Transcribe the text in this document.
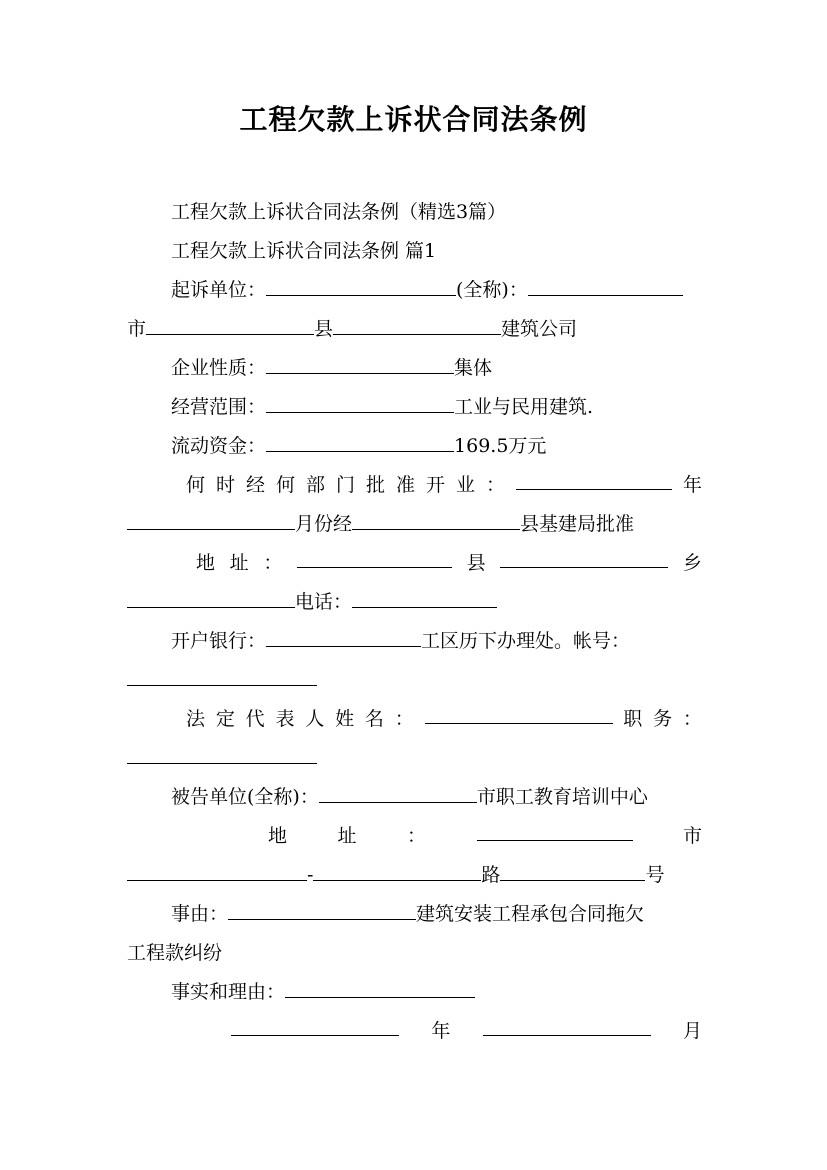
工程欠款上诉状合同法条例
工程欠款上诉状合同法条例（精选3篇）
工程欠款上诉状合同法条例 篇1
起诉单位：	(全称)：
市	县	建筑公司
企业性质：	集体
经营范围：	工业与民用建筑.
流动资金：	169.5万元
何 时 经 何 部 门 批 准 开 业 ：	年
月份经	县基建局批准
地 址 ：	县	乡
电话：
开户银行：	工区历下办理处。帐号：
法 定 代 表 人 姓 名 ：	职 务 ：
被告单位(全称)：	市职工教育培训中心
地	址	：	市
-	路	号
事由：	建筑安装工程承包合同拖欠
工程款纠纷
事实和理由：
年	月
